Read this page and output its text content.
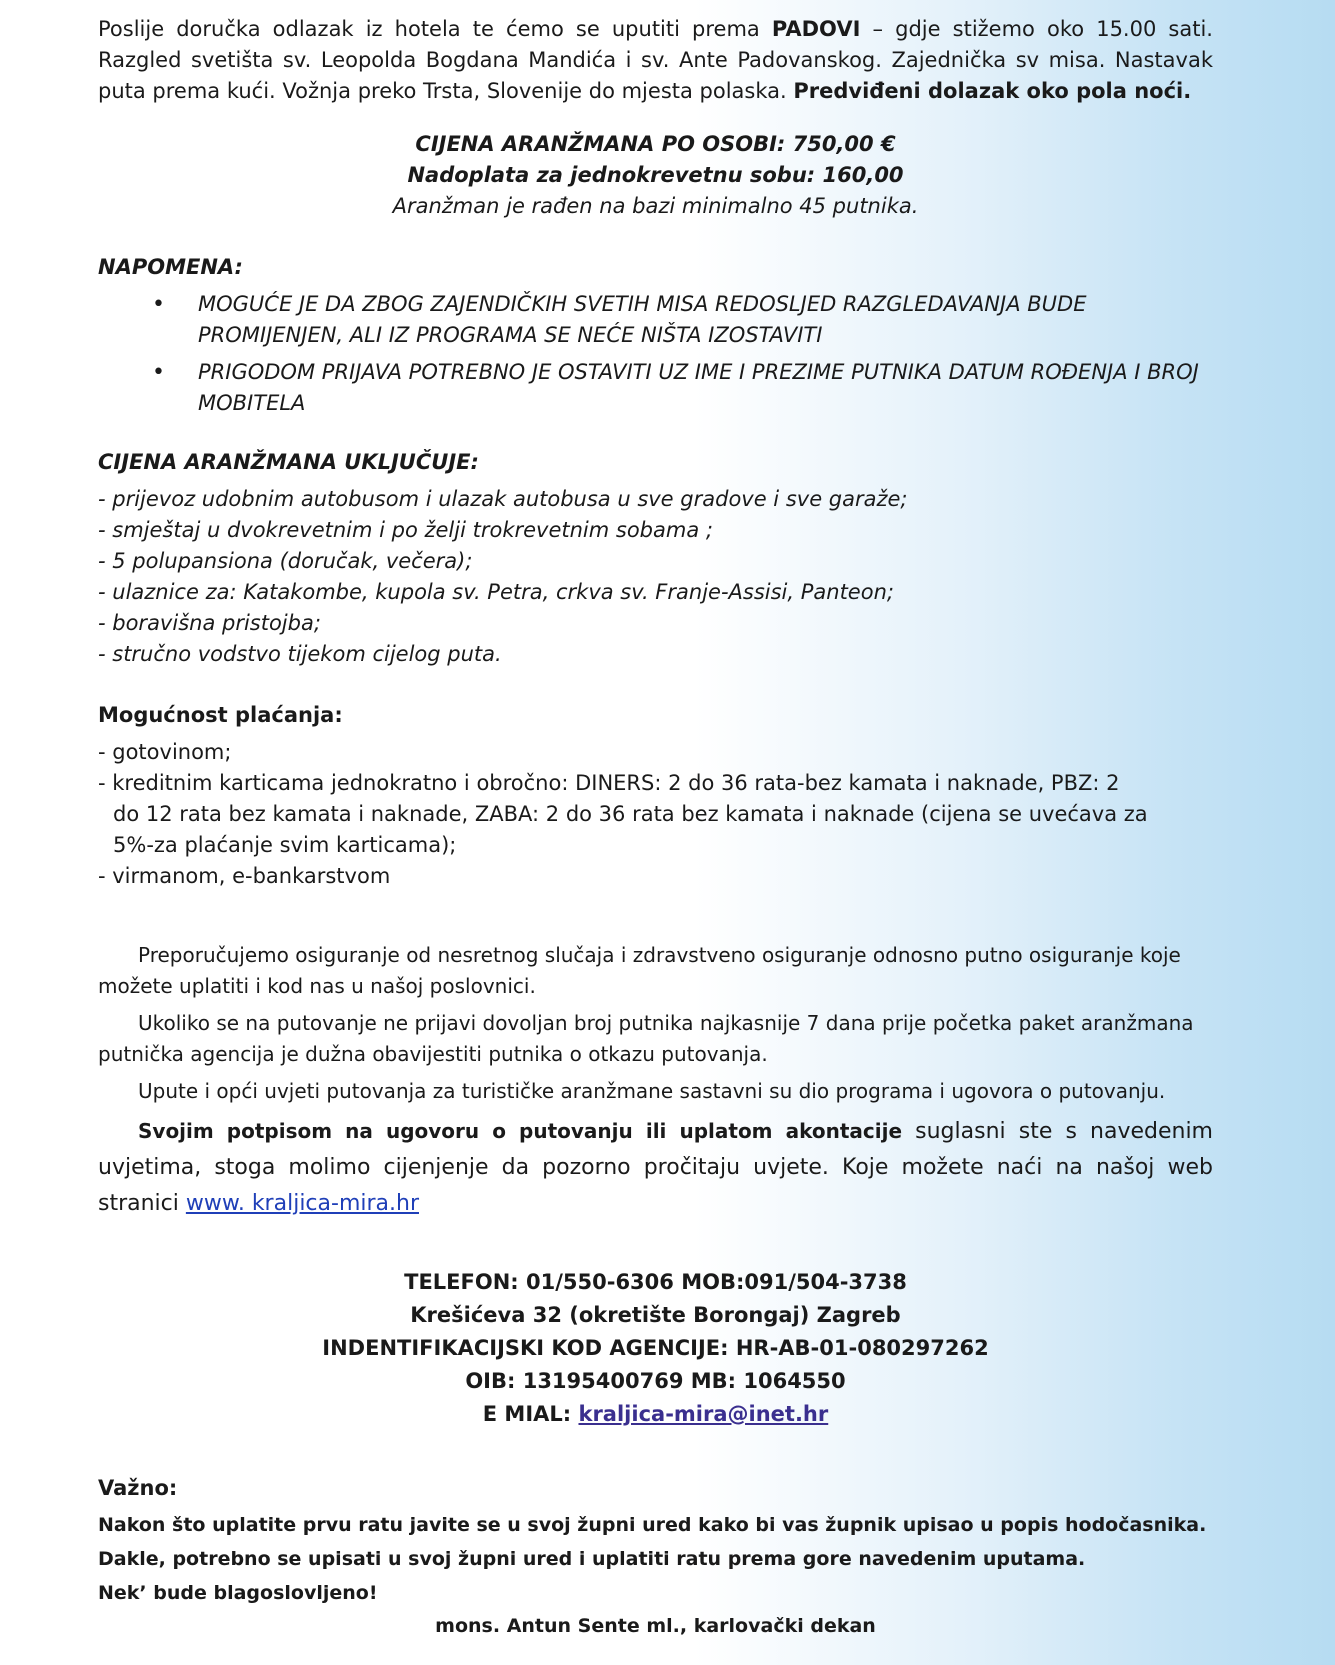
Poslije doručka odlazak iz hotela te ćemo se uputiti prema PADOVI – gdje stižemo oko 15.00 sati. Razgled svetišta sv. Leopolda Bogdana Mandića i sv. Ante Padovanskog. Zajednička sv misa. Nastavak puta prema kući. Vožnja preko Trsta, Slovenije do mjesta polaska. Predviđeni dolazak oko pola noći.

CIJENA ARANŽMANA PO OSOBI: 750,00 €
Nadoplata za jednokrevetnu sobu: 160,00
Aranžman je rađen na bazi minimalno 45 putnika.
NAPOMENA:
• MOGUĆE JE DA ZBOG ZAJENDIČKIH SVETIH MISA REDOSLJED RAZGLEDAVANJA BUDE PROMIJENJEN, ALI IZ PROGRAMA SE NEĆE NIŠTA IZOSTAVITI
• PRIGODOM PRIJAVA POTREBNO JE OSTAVITI UZ IME I PREZIME PUTNIKA DATUM ROĐENJA I BROJ MOBITELA
CIJENA ARANŽMANA UKLJUČUJE:
- prijevoz udobnim autobusom i ulazak autobusa u sve gradove i sve garaže;
- smještaj u dvokrevetnim i po želji trokrevetnim sobama ;
- 5 polupansiona (doručak, večera);
- ulaznice za: Katakombe, kupola sv. Petra, crkva sv. Franje-Assisi, Panteon;
- boravišna pristojba;
- stručno vodstvo tijekom cijelog puta.
Mogućnost plaćanja:
- gotovinom;
- kreditnim karticama jednokratno i obročno: DINERS: 2 do 36 rata-bez kamata i naknade, PBZ: 2
do 12 rata bez kamata i naknade, ZABA: 2 do 36 rata bez kamata i naknade (cijena se uvećava za
5%-za plaćanje svim karticama);
- virmanom, e-bankarstvom

Preporučujemo osiguranje od nesretnog slučaja i zdravstveno osiguranje odnosno putno osiguranje koje možete uplatiti i kod nas u našoj poslovnici.

Ukoliko se na putovanje ne prijavi dovoljan broj putnika najkasnije 7 dana prije početka paket aranžmana putnička agencija je dužna obavijestiti putnika o otkazu putovanja.

Upute i opći uvjeti putovanja za turističke aranžmane sastavni su dio programa i ugovora o putovanju.

Svojim potpisom na ugovoru o putovanju ili uplatom akontacije suglasni ste s navedenim uvjetima, stoga molimo cijenjenje da pozorno pročitaju uvjete. Koje možete naći na našoj web stranici www. kraljica-mira.hr

TELEFON: 01/550-6306 MOB:091/504-3738
Krešićeva 32 (okretište Borongaj) Zagreb
INDENTIFIKACIJSKI KOD AGENCIJE: HR-AB-01-080297262
OIB: 13195400769 MB: 1064550
E MIAL: kraljica-mira@inet.hr
Važno:
Nakon što uplatite prvu ratu javite se u svoj župni ured kako bi vas župnik upisao u popis hodočasnika. Dakle, potrebno se upisati u svoj župni ured i uplatiti ratu prema gore navedenim uputama.
Nek’ bude blagoslovljeno!
mons. Antun Sente ml., karlovački dekan
